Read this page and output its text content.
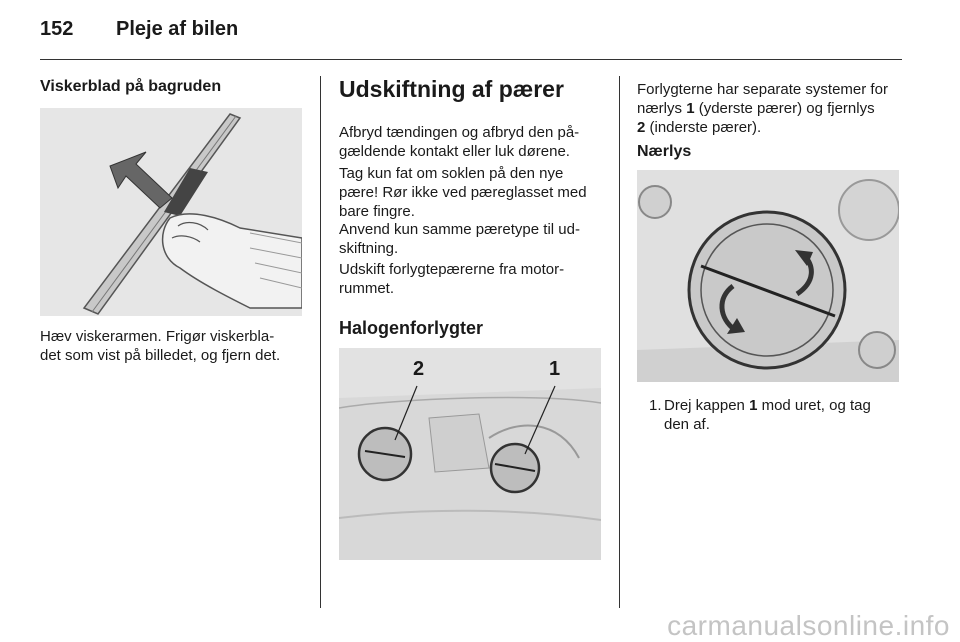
152 Pleje af bilen
Viskerblad på bagruden
Hæv viskerarmen. Frigør viskerbla-
det som vist på billedet, og fjern det.
Udskiftning af pærer
Afbryd tændingen og afbryd den på-
gældende kontakt eller luk dørene.
Tag kun fat om soklen på den nye
pære! Rør ikke ved pæreglasset med
bare fingre.
Anvend kun samme pæretype til ud-
skiftning.
Udskift forlygtepærerne fra motor-
rummet.
Halogenforlygter
2	1
Forlygterne har separate systemer for
nærlys 1 (yderste pærer) og fjernlys
2 (inderste pærer).
Nærlys
1. Drej kappen 1 mod uret, og tag
den af.
carmanualsonline.info
